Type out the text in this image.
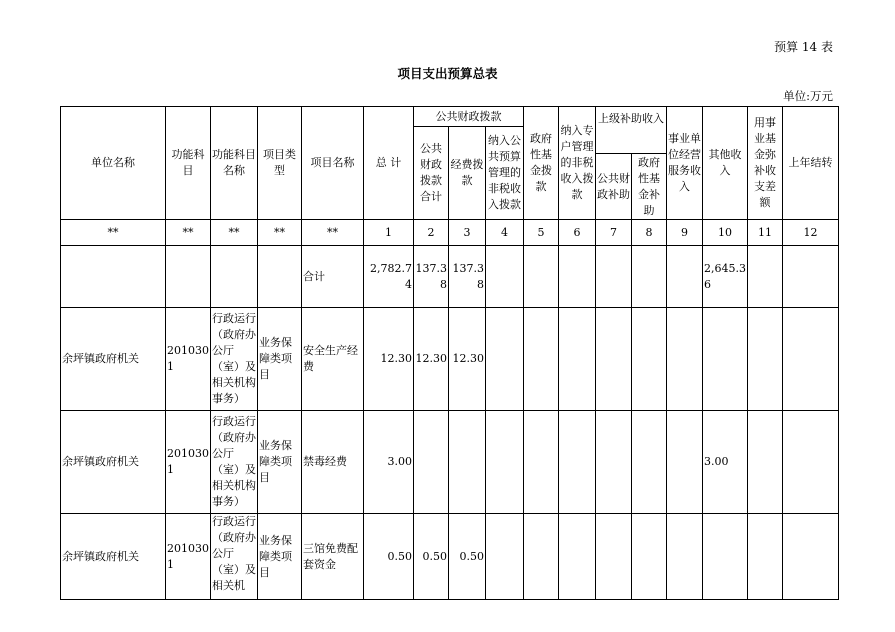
预算 14 表
项目支出预算总表
单位:万元
单位名称	功能科目	功能科目名称	项目类型	项目名称	总 计	公共财政拨款			政府性基金拨款	纳入专户管理的非税收入拨款	上级补助收入		事业单位经营服务收入	其他收入	用事业基金弥补收支差额	上年结转
						公共财政拨款合计	经费拨款	纳入公共预算管理的非税收入拨款								
											公共财政补助	政府性基金补助				
**	**	**	**	**	1	2	3	4	5	6	7	8	9	10	11	12
				合计	2,782.74	137.38	137.38							2,645.36		
余坪镇政府机关	2010301	行政运行（政府办公厅（室）及相关机构事务）	业务保障类项目	安全生产经费	12.30	12.30	12.30									
余坪镇政府机关	2010301	行政运行（政府办公厅（室）及相关机构事务）	业务保障类项目	禁毒经费	3.00									3.00		
余坪镇政府机关	2010301	行政运行（政府办公厅（室）及相关机	业务保障类项目	三馆免费配套资金	0.50	0.50	0.50									
